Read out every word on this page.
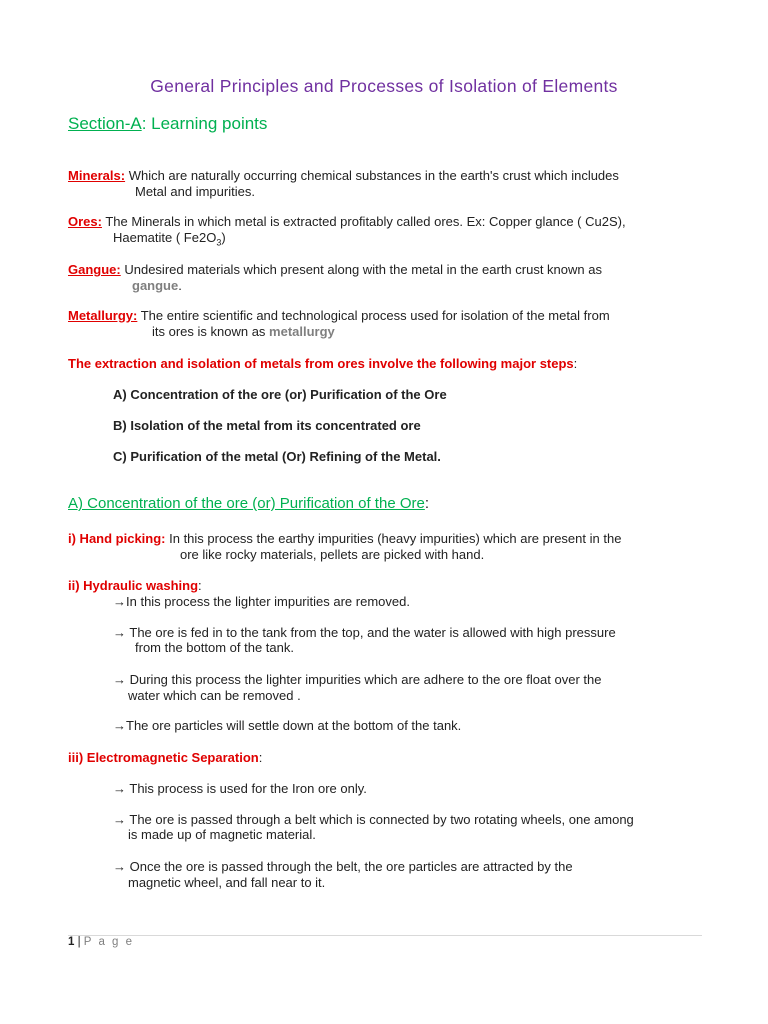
General Principles and Processes of Isolation of Elements
Section-A: Learning points
Minerals: Which are naturally occurring chemical substances in the earth's crust which includes
Metal and impurities.
Ores: The Minerals in which metal is extracted profitably called ores. Ex: Copper glance ( Cu2S),
Haematite ( $Fe2O_3$)
Gangue: Undesired materials which present along with the metal in the earth crust known as
gangue.
Metallurgy: The entire scientific and technological process used for isolation of the metal from
its ores is known as metallurgy
The extraction and isolation of metals from ores involve the following major steps:
A) Concentration of the ore (or) Purification of the Ore
B) Isolation of the metal from its concentrated ore
C) Purification of the metal (Or) Refining of the Metal.
A) Concentration of the ore (or) Purification of the Ore:
i) Hand picking: In this process the earthy impurities (heavy impurities) which are present in the
ore like rocky materials, pellets are picked with hand.
ii) Hydraulic washing:
→In this process the lighter impurities are removed.
→ The ore is fed in to the tank from the top, and the water is allowed with high pressure
from the bottom of the tank.
→ During this process the lighter impurities which are adhere to the ore float over the
water which can be removed .
→The ore particles will settle down at the bottom of the tank.
iii) Electromagnetic Separation:
→ This process is used for the Iron ore only.
→ The ore is passed through a belt which is connected by two rotating wheels, one among
is made up of magnetic material.
→ Once the ore is passed through the belt, the ore particles are attracted by the
magnetic wheel, and fall near to it.
1 | P a g e
